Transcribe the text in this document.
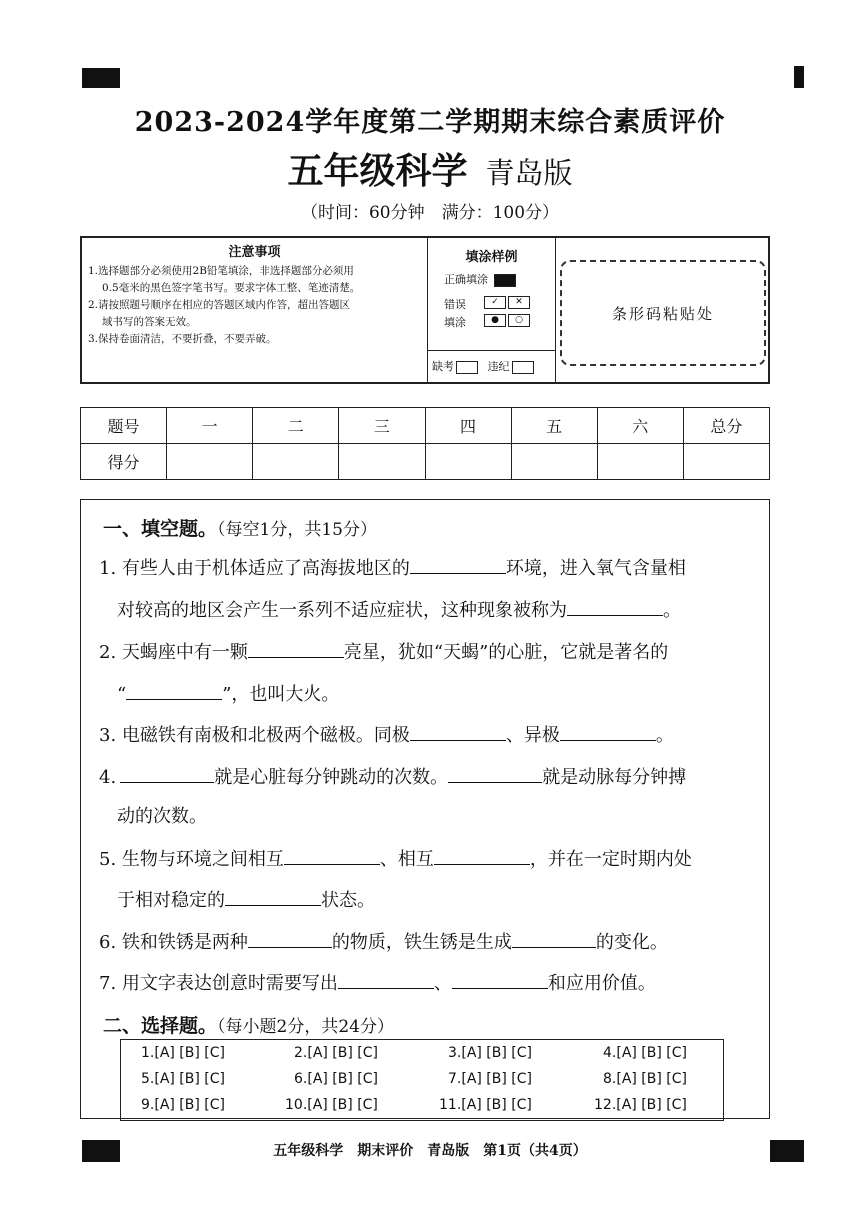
2023-2024学年度第二学期期末综合素质评价
五年级科学 青岛版
（时间：60分钟　满分：100分）
注意事项
1.选择题部分必须使用2B铅笔填涂，非选择题部分必须用
0.5毫米的黑色签字笔书写。要求字体工整、笔迹清楚。
2.请按照题号顺序在相应的答题区域内作答，超出答题区
域书写的答案无效。
3.保持卷面清洁，不要折叠，不要弄破。
填涂样例
正确填涂
错误
填涂
✓ ✕
● ○
缺考	违纪
条形码粘贴处
题号	一	二	三	四	五	六	总分
得分							
一、填空题。（每空1分，共15分）
1. 有些人由于机体适应了高海拔地区的	环境，进入氧气含量相
对较高的地区会产生一系列不适应症状，这种现象被称为	。
2. 天蝎座中有一颗	亮星，犹如“天蝎”的心脏，它就是著名的
“	”，也叫大火。
3. 电磁铁有南极和北极两个磁极。同极	、异极	。
4.	就是心脏每分钟跳动的次数。	就是动脉每分钟搏
动的次数。
5. 生物与环境之间相互	、相互	，并在一定时期内处
于相对稳定的	状态。
6. 铁和铁锈是两种	的物质，铁生锈是生成	的变化。
7. 用文字表达创意时需要写出	、	和应用价值。
二、选择题。（每小题2分，共24分）
1.[A] [B] [C]	2.[A] [B] [C]	3.[A] [B] [C]	4.[A] [B] [C]
5.[A] [B] [C]	6.[A] [B] [C]	7.[A] [B] [C]	8.[A] [B] [C]
9.[A] [B] [C]	10.[A] [B] [C]	11.[A] [B] [C]	12.[A] [B] [C]
五年级科学　期末评价　青岛版　第1页（共4页）
